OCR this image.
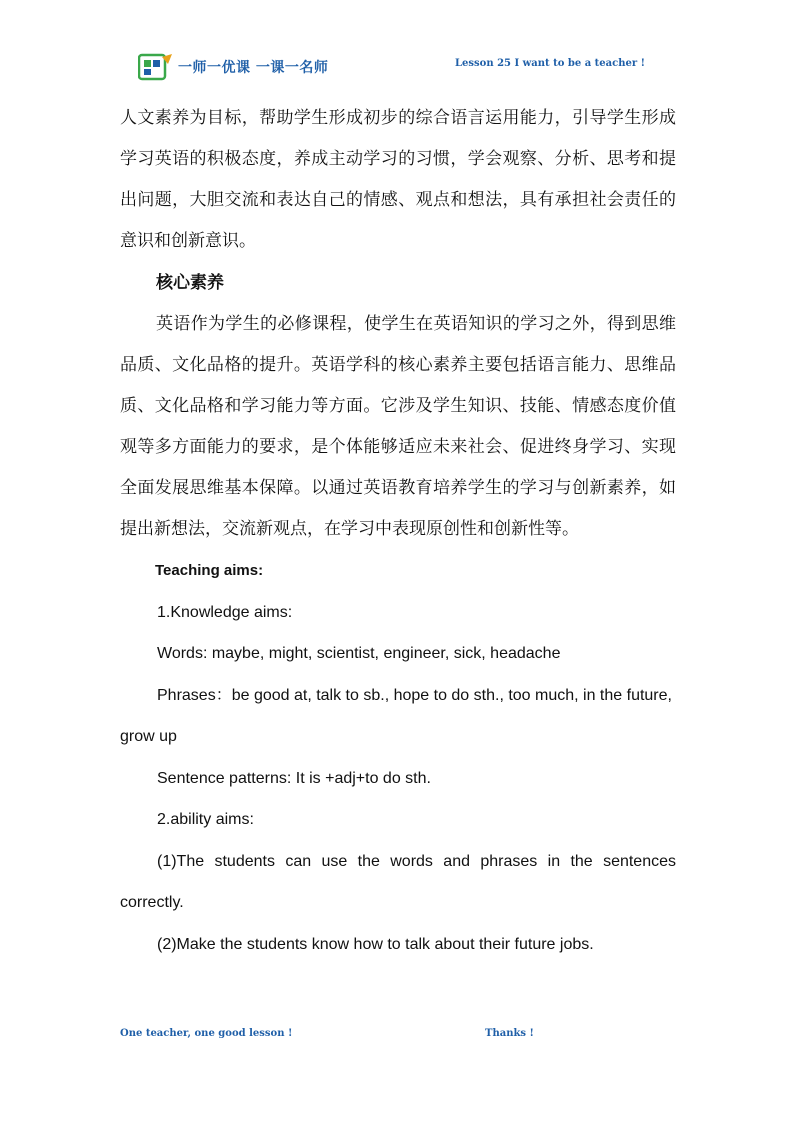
一师一优课 一课一名师	Lesson 25 I want to be a teacher !

人文素养为目标，帮助学生形成初步的综合语言运用能力，引导学生形成学习英语的积极态度，养成主动学习的习惯，学会观察、分析、思考和提出问题，大胆交流和表达自己的情感、观点和想法，具有承担社会责任的意识和创新意识。

核心素养

英语作为学生的必修课程，使学生在英语知识的学习之外，得到思维品质、文化品格的提升。英语学科的核心素养主要包括语言能力、思维品质、文化品格和学习能力等方面。它涉及学生知识、技能、情感态度价值观等多方面能力的要求，是个体能够适应未来社会、促进终身学习、实现全面发展思维基本保障。以通过英语教育培养学生的学习与创新素养，如提出新想法，交流新观点，在学习中表现原创性和创新性等。

Teaching aims:

1.Knowledge aims:

Words: maybe, might, scientist, engineer, sick, headache

Phrases：be good at, talk to sb., hope to do sth., too much, in the future, grow up

Sentence patterns: It is +adj+to do sth.

2.ability aims:

(1)The students can use the words and phrases in the sentences correctly.

(2)Make the students know how to talk about their future jobs.

One teacher, one good lesson !	Thanks !
